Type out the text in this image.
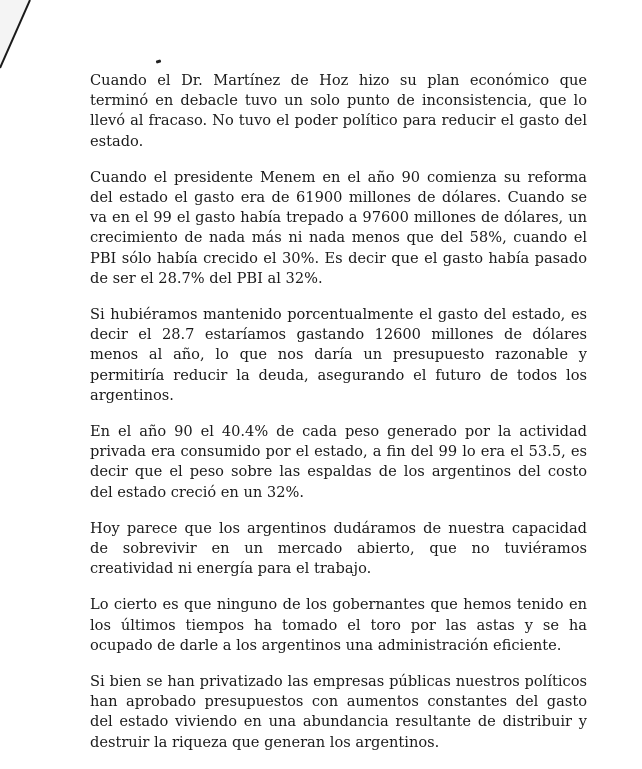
Cuando el Dr. Martínez de Hoz hizo su plan económico que terminó en debacle tuvo un solo punto de inconsistencia, que lo llevó al fracaso. No tuvo el poder político para reducir el gasto del estado.

Cuando el presidente Menem en el año 90 comienza su reforma del estado el gasto era de 61900 millones de dólares. Cuando se va en el 99 el gasto había trepado a 97600 millones de dólares, un crecimiento de nada más ni nada menos que del 58%, cuando el PBI sólo había crecido el 30%. Es decir que el gasto había pasado de ser el 28.7% del PBI al 32%.

Si hubiéramos mantenido porcentualmente el gasto del estado, es decir el 28.7 estaríamos gastando 12600 millones de dólares menos al año, lo que nos daría un presupuesto razonable y permitiría reducir la deuda, asegurando el futuro de todos los argentinos.

En el año 90 el 40.4% de cada peso generado por la actividad privada era consumido por el estado, a fin del 99 lo era el 53.5, es decir que el peso sobre las espaldas de los argentinos del costo del estado creció en un 32%.

Hoy parece que los argentinos dudáramos de nuestra capacidad de sobrevivir en un mercado abierto, que no tuviéramos creatividad ni energía para el trabajo.

Lo cierto es que ninguno de los gobernantes que hemos tenido en los últimos tiempos ha tomado el toro por las astas y se ha ocupado de darle a los argentinos una administración eficiente.

Si bien se han privatizado las empresas públicas nuestros políticos han aprobado presupuestos con aumentos constantes del gasto del estado viviendo en una abundancia resultante de distribuir y destruir la riqueza que generan los argentinos.
